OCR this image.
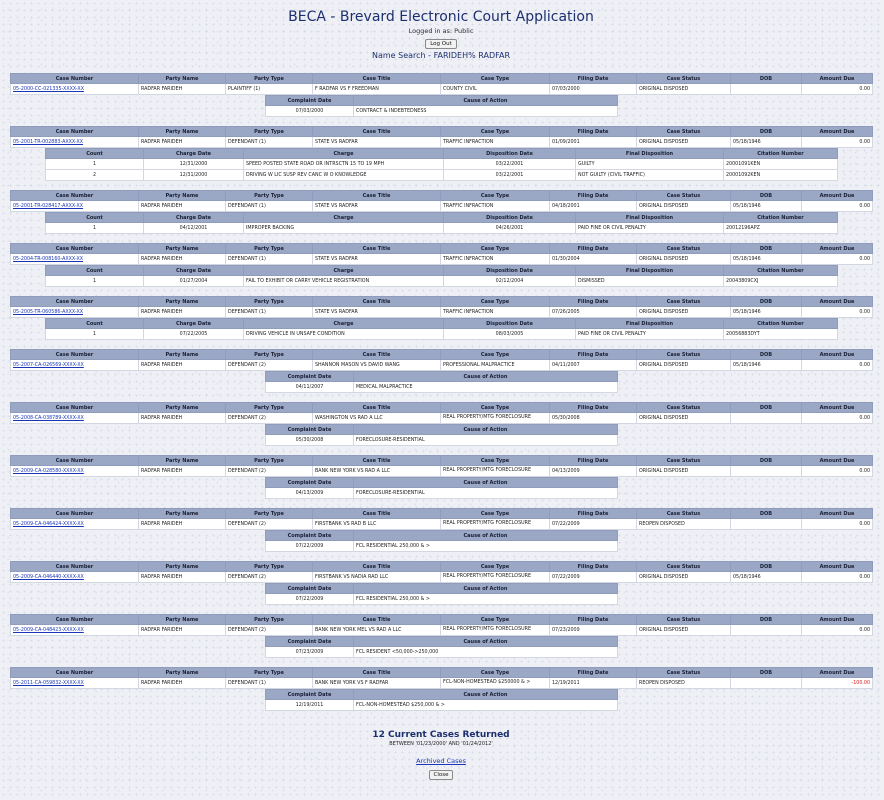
BECA - Brevard Electronic Court Application
Logged in as: Public
Log Out
Name Search - FARIDEH% RADFAR
Case Number	Party Name	Party Type	Case Title	Case Type	Filing Date	Case Status	DOB	Amount Due
05-2000-CC-021335-XXXX-XX	RADFAR FARIDEH	PLAINTIFF (1)	F RADFAR VS F FREEDMAN	COUNTY CIVIL	07/03/2000	ORIGINAL DISPOSED		0.00
Complaint Date	Cause of Action
07/03/2000	CONTRACT & INDEBTEDNESS
Case Number	Party Name	Party Type	Case Title	Case Type	Filing Date	Case Status	DOB	Amount Due
05-2001-TR-002883-AXXX-XX	RADFAR FARIDEH	DEFENDANT (1)	STATE VS RADFAR	TRAFFIC INFRACTION	01/09/2001	ORIGINAL DISPOSED	05/18/1946	0.00
Count	Charge Date	Charge	Disposition Date	Final Disposition	Citation Number
1	12/31/2000	SPEED POSTED STATE ROAD OR INTRSCTN 15 TO 19 MPH	03/22/2001	GUILTY	20001091KEN
2	12/31/2000	DRIVING W LIC SUSP REV CANC W O KNOWLEDGE	03/22/2001	NOT GUILTY (CIVIL TRAFFIC)	20001092KEN
Case Number	Party Name	Party Type	Case Title	Case Type	Filing Date	Case Status	DOB	Amount Due
05-2001-TR-028417-AXXX-XX	RADFAR FARIDEH	DEFENDANT (1)	STATE VS RADFAR	TRAFFIC INFRACTION	04/18/2001	ORIGINAL DISPOSED	05/18/1946	0.00
Count	Charge Date	Charge	Disposition Date	Final Disposition	Citation Number
1	04/12/2001	IMPROPER BACKING	04/26/2001	PAID FINE OR CIVIL PENALTY	20012196APZ
Case Number	Party Name	Party Type	Case Title	Case Type	Filing Date	Case Status	DOB	Amount Due
05-2004-TR-008160-AXXX-XX	RADFAR FARIDEH	DEFENDANT (1)	STATE VS RADFAR	TRAFFIC INFRACTION	01/30/2004	ORIGINAL DISPOSED	05/18/1946	0.00
Count	Charge Date	Charge	Disposition Date	Final Disposition	Citation Number
1	01/27/2004	FAIL TO EXHIBIT OR CARRY VEHICLE REGISTRATION	02/12/2004	DISMISSED	20043809CXJ
Case Number	Party Name	Party Type	Case Title	Case Type	Filing Date	Case Status	DOB	Amount Due
05-2005-TR-060586-AXXX-XX	RADFAR FARIDEH	DEFENDANT (1)	STATE VS RADFAR	TRAFFIC INFRACTION	07/26/2005	ORIGINAL DISPOSED	05/18/1946	0.00
Count	Charge Date	Charge	Disposition Date	Final Disposition	Citation Number
1	07/22/2005	DRIVING VEHICLE IN UNSAFE CONDITION	08/03/2005	PAID FINE OR CIVIL PENALTY	20056883DYT
Case Number	Party Name	Party Type	Case Title	Case Type	Filing Date	Case Status	DOB	Amount Due
05-2007-CA-026569-XXXX-XX	RADFAR FARIDEH	DEFENDANT (2)	SHANNON MASON VS DAVID WANG	PROFESSIONAL MALPRACTICE	04/11/2007	ORIGINAL DISPOSED	05/18/1946	0.00
Complaint Date	Cause of Action
04/11/2007	MEDICAL MALPRACTICE
Case Number	Party Name	Party Type	Case Title	Case Type	Filing Date	Case Status	DOB	Amount Due
05-2008-CA-038789-XXXX-XX	RADFAR FARIDEH	DEFENDANT (2)	WASHINGTON VS RAD A LLC	REAL PROPERTY/MTG FORECLOSURE	05/30/2008	ORIGINAL DISPOSED		0.00
Complaint Date	Cause of Action
05/30/2008	FORECLOSURE-RESIDENTIAL
Case Number	Party Name	Party Type	Case Title	Case Type	Filing Date	Case Status	DOB	Amount Due
05-2009-CA-028580-XXXX-XX	RADFAR FARIDEH	DEFENDANT (2)	BANK NEW YORK VS RAD A LLC	REAL PROPERTY/MTG FORECLOSURE	04/13/2009	ORIGINAL DISPOSED		0.00
Complaint Date	Cause of Action
04/13/2009	FORECLOSURE-RESIDENTIAL
Case Number	Party Name	Party Type	Case Title	Case Type	Filing Date	Case Status	DOB	Amount Due
05-2009-CA-046424-XXXX-XX	RADFAR FARIDEH	DEFENDANT (2)	FIRSTBANK VS RAD B LLC	REAL PROPERTY/MTG FORECLOSURE	07/22/2009	REOPEN DISPOSED		0.00
Complaint Date	Cause of Action
07/22/2009	FCL RESIDENTIAL 250,000 & >
Case Number	Party Name	Party Type	Case Title	Case Type	Filing Date	Case Status	DOB	Amount Due
05-2009-CA-046440-XXXX-XX	RADFAR FARIDEH	DEFENDANT (2)	FIRSTBANK VS NADIA RAD LLC	REAL PROPERTY/MTG FORECLOSURE	07/22/2009	ORIGINAL DISPOSED	05/18/1946	0.00
Complaint Date	Cause of Action
07/22/2009	FCL RESIDENTIAL 250,000 & >
Case Number	Party Name	Party Type	Case Title	Case Type	Filing Date	Case Status	DOB	Amount Due
05-2009-CA-048423-XXXX-XX	RADFAR FARIDEH	DEFENDANT (2)	BANK NEW YORK MEL VS RAD A LLC	REAL PROPERTY/MTG FORECLOSURE	07/23/2009	ORIGINAL DISPOSED		0.00
Complaint Date	Cause of Action
07/23/2009	FCL RESIDENT <50,000->250,000
Case Number	Party Name	Party Type	Case Title	Case Type	Filing Date	Case Status	DOB	Amount Due
05-2011-CA-059832-XXXX-XX	RADFAR FARIDEH	DEFENDANT (1)	BANK NEW YORK VS F RADFAR	FCL-NON-HOMESTEAD $250000 & >	12/19/2011	REOPEN DISPOSED		-100.00
Complaint Date	Cause of Action
12/19/2011	FCL-NON-HOMESTEAD $250,000 & >
12 Current Cases Returned
BETWEEN '01/23/2000' AND '01/24/2012'
Archived Cases
Close
